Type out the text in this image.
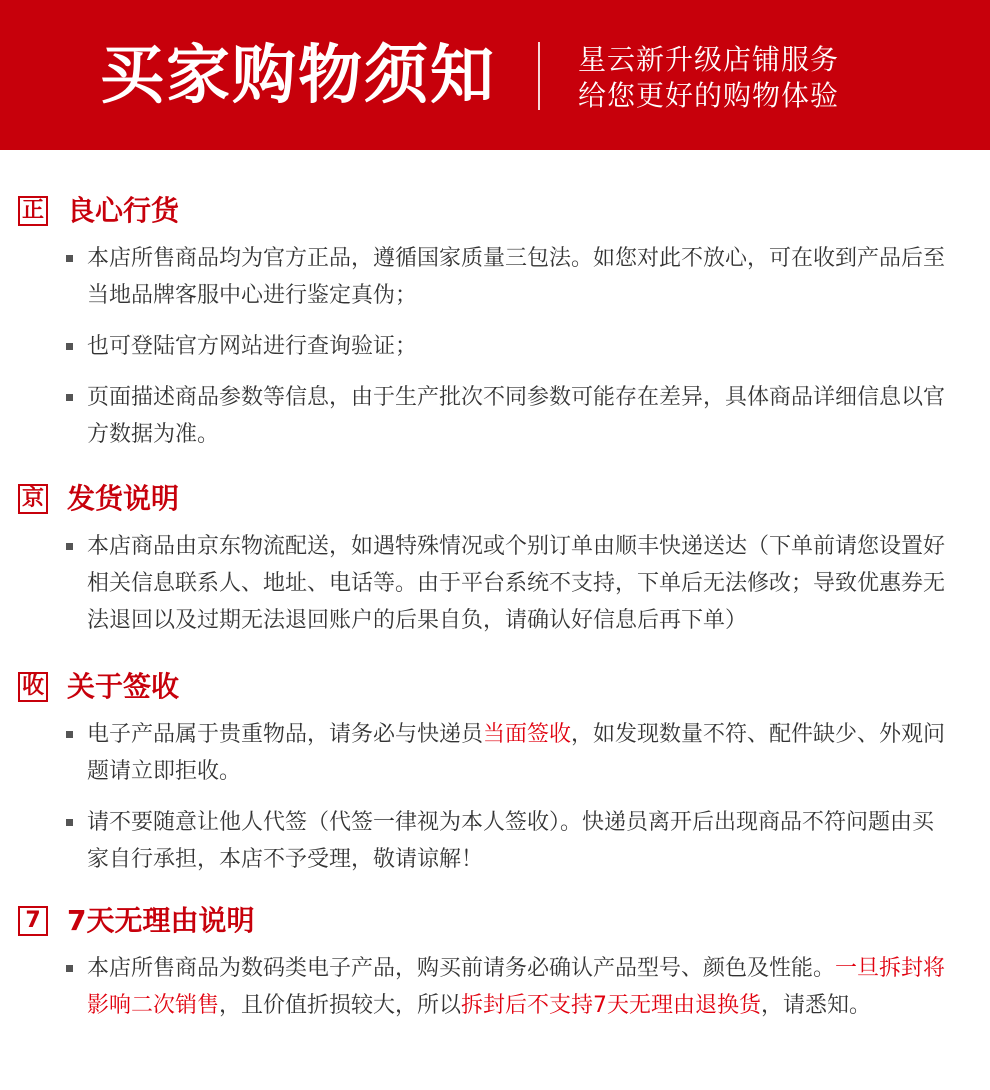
买家购物须知	星云新升级店铺服务
给您更好的购物体验
正 良心行货
本店所售商品均为官方正品，遵循国家质量三包法。如您对此不放心，可在收到产品后至当地品牌客服中心进行鉴定真伪；
也可登陆官方网站进行查询验证；
页面描述商品参数等信息，由于生产批次不同参数可能存在差异，具体商品详细信息以官方数据为准。
京 发货说明
本店商品由京东物流配送，如遇特殊情况或个别订单由顺丰快递送达（下单前请您设置好相关信息联系人、地址、电话等。由于平台系统不支持，下单后无法修改；导致优惠券无法退回以及过期无法退回账户的后果自负，请确认好信息后再下单）
收 关于签收
电子产品属于贵重物品，请务必与快递员当面签收，如发现数量不符、配件缺少、外观问题请立即拒收。
请不要随意让他人代签（代签一律视为本人签收）。快递员离开后出现商品不符问题由买家自行承担，本店不予受理，敬请谅解！
7 7天无理由说明
本店所售商品为数码类电子产品，购买前请务必确认产品型号、颜色及性能。一旦拆封将影响二次销售，且价值折损较大，所以拆封后不支持7天无理由退换货，请悉知。
